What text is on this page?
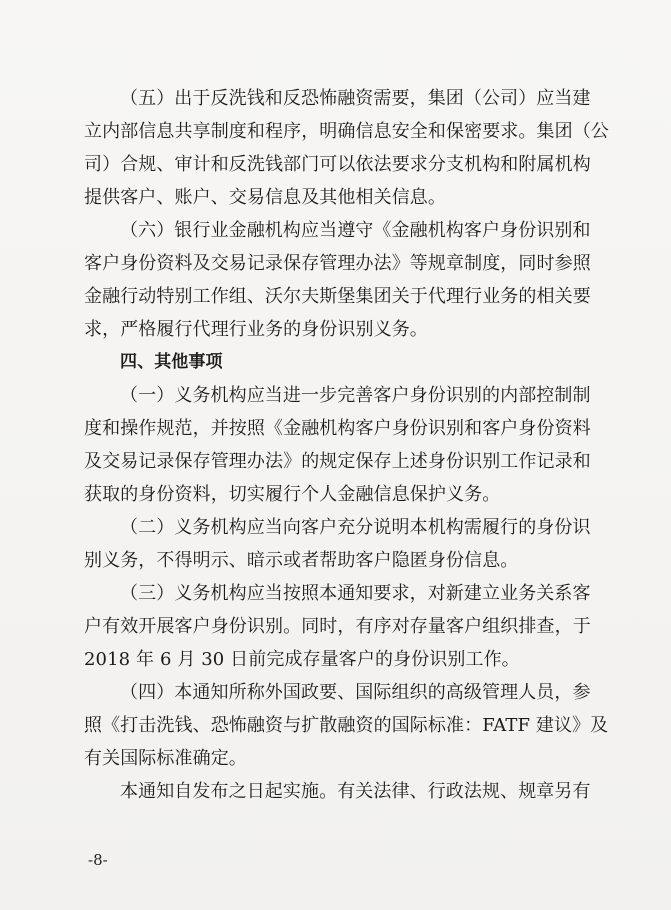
（五）出于反洗钱和反恐怖融资需要，集团（公司）应当建
立内部信息共享制度和程序，明确信息安全和保密要求。集团（公
司）合规、审计和反洗钱部门可以依法要求分支机构和附属机构
提供客户、账户、交易信息及其他相关信息。
（六）银行业金融机构应当遵守《金融机构客户身份识别和
客户身份资料及交易记录保存管理办法》等规章制度，同时参照
金融行动特别工作组、沃尔夫斯堡集团关于代理行业务的相关要
求，严格履行代理行业务的身份识别义务。
四、其他事项
（一）义务机构应当进一步完善客户身份识别的内部控制制
度和操作规范，并按照《金融机构客户身份识别和客户身份资料
及交易记录保存管理办法》的规定保存上述身份识别工作记录和
获取的身份资料，切实履行个人金融信息保护义务。
（二）义务机构应当向客户充分说明本机构需履行的身份识
别义务，不得明示、暗示或者帮助客户隐匿身份信息。
（三）义务机构应当按照本通知要求，对新建立业务关系客
户有效开展客户身份识别。同时，有序对存量客户组织排查，于
2018 年 6 月 30 日前完成存量客户的身份识别工作。
（四）本通知所称外国政要、国际组织的高级管理人员，参
照《打击洗钱、恐怖融资与扩散融资的国际标准：FATF 建议》及
有关国际标准确定。
本通知自发布之日起实施。有关法律、行政法规、规章另有
-8-
